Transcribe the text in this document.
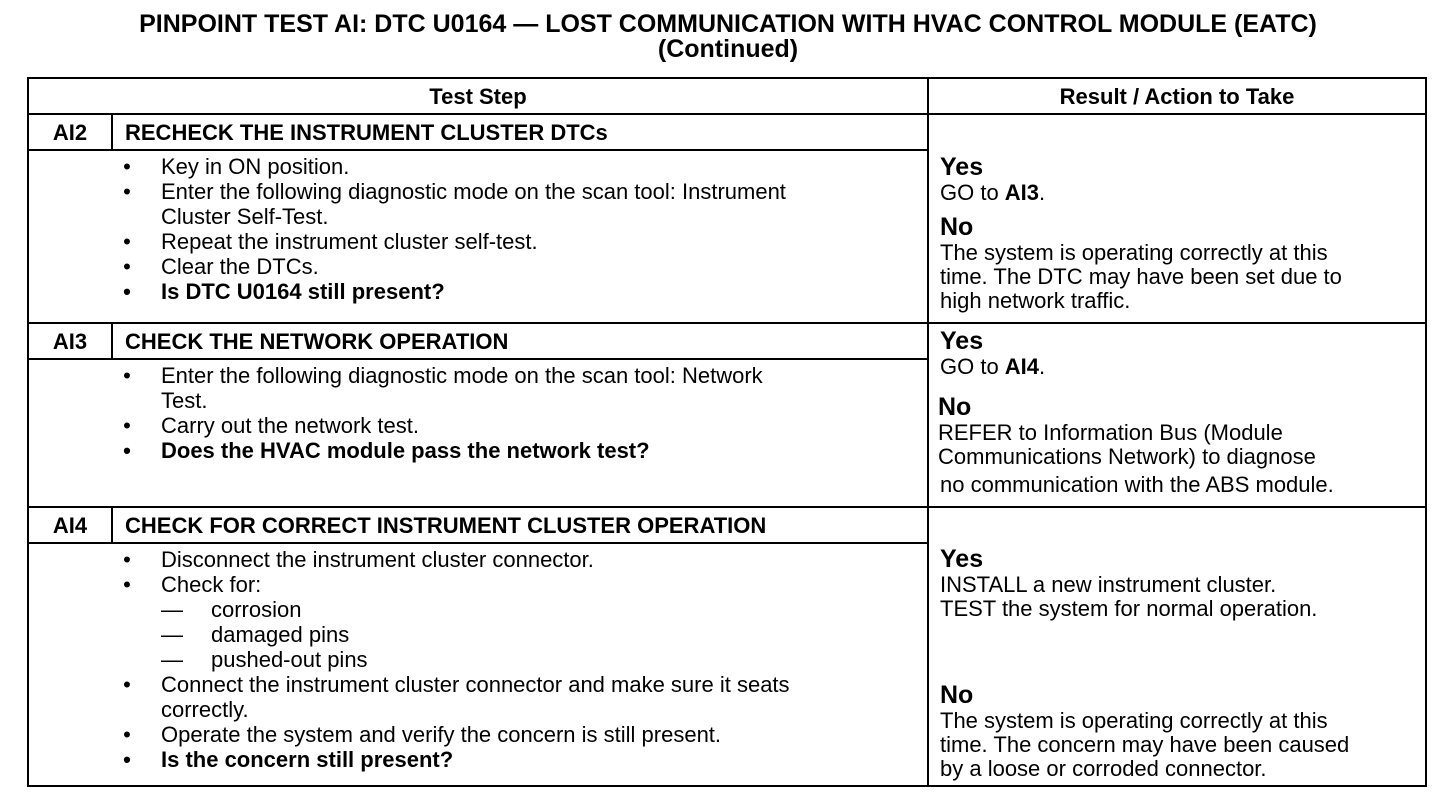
PINPOINT TEST AI: DTC U0164 — LOST COMMUNICATION WITH HVAC CONTROL MODULE (EATC)
(Continued)
Test Step	Result / Action to Take
AI2	RECHECK THE INSTRUMENT CLUSTER DTCs
• Key in ON position.
• Enter the following diagnostic mode on the scan tool: Instrument
Cluster Self-Test.
• Repeat the instrument cluster self-test.
• Clear the DTCs.
• Is DTC U0164 still present?
Yes
GO to AI3.
No
The system is operating correctly at this
time. The DTC may have been set due to
high network traffic.
AI3	CHECK THE NETWORK OPERATION
• Enter the following diagnostic mode on the scan tool: Network
Test.
• Carry out the network test.
• Does the HVAC module pass the network test?
Yes
GO to AI4.
No
REFER to Information Bus (Module
Communications Network) to diagnose
no communication with the ABS module.
AI4	CHECK FOR CORRECT INSTRUMENT CLUSTER OPERATION
• Disconnect the instrument cluster connector.
• Check for:
— corrosion
— damaged pins
— pushed-out pins
• Connect the instrument cluster connector and make sure it seats
correctly.
• Operate the system and verify the concern is still present.
• Is the concern still present?
Yes
INSTALL a new instrument cluster.
TEST the system for normal operation.
No
The system is operating correctly at this
time. The concern may have been caused
by a loose or corroded connector.
